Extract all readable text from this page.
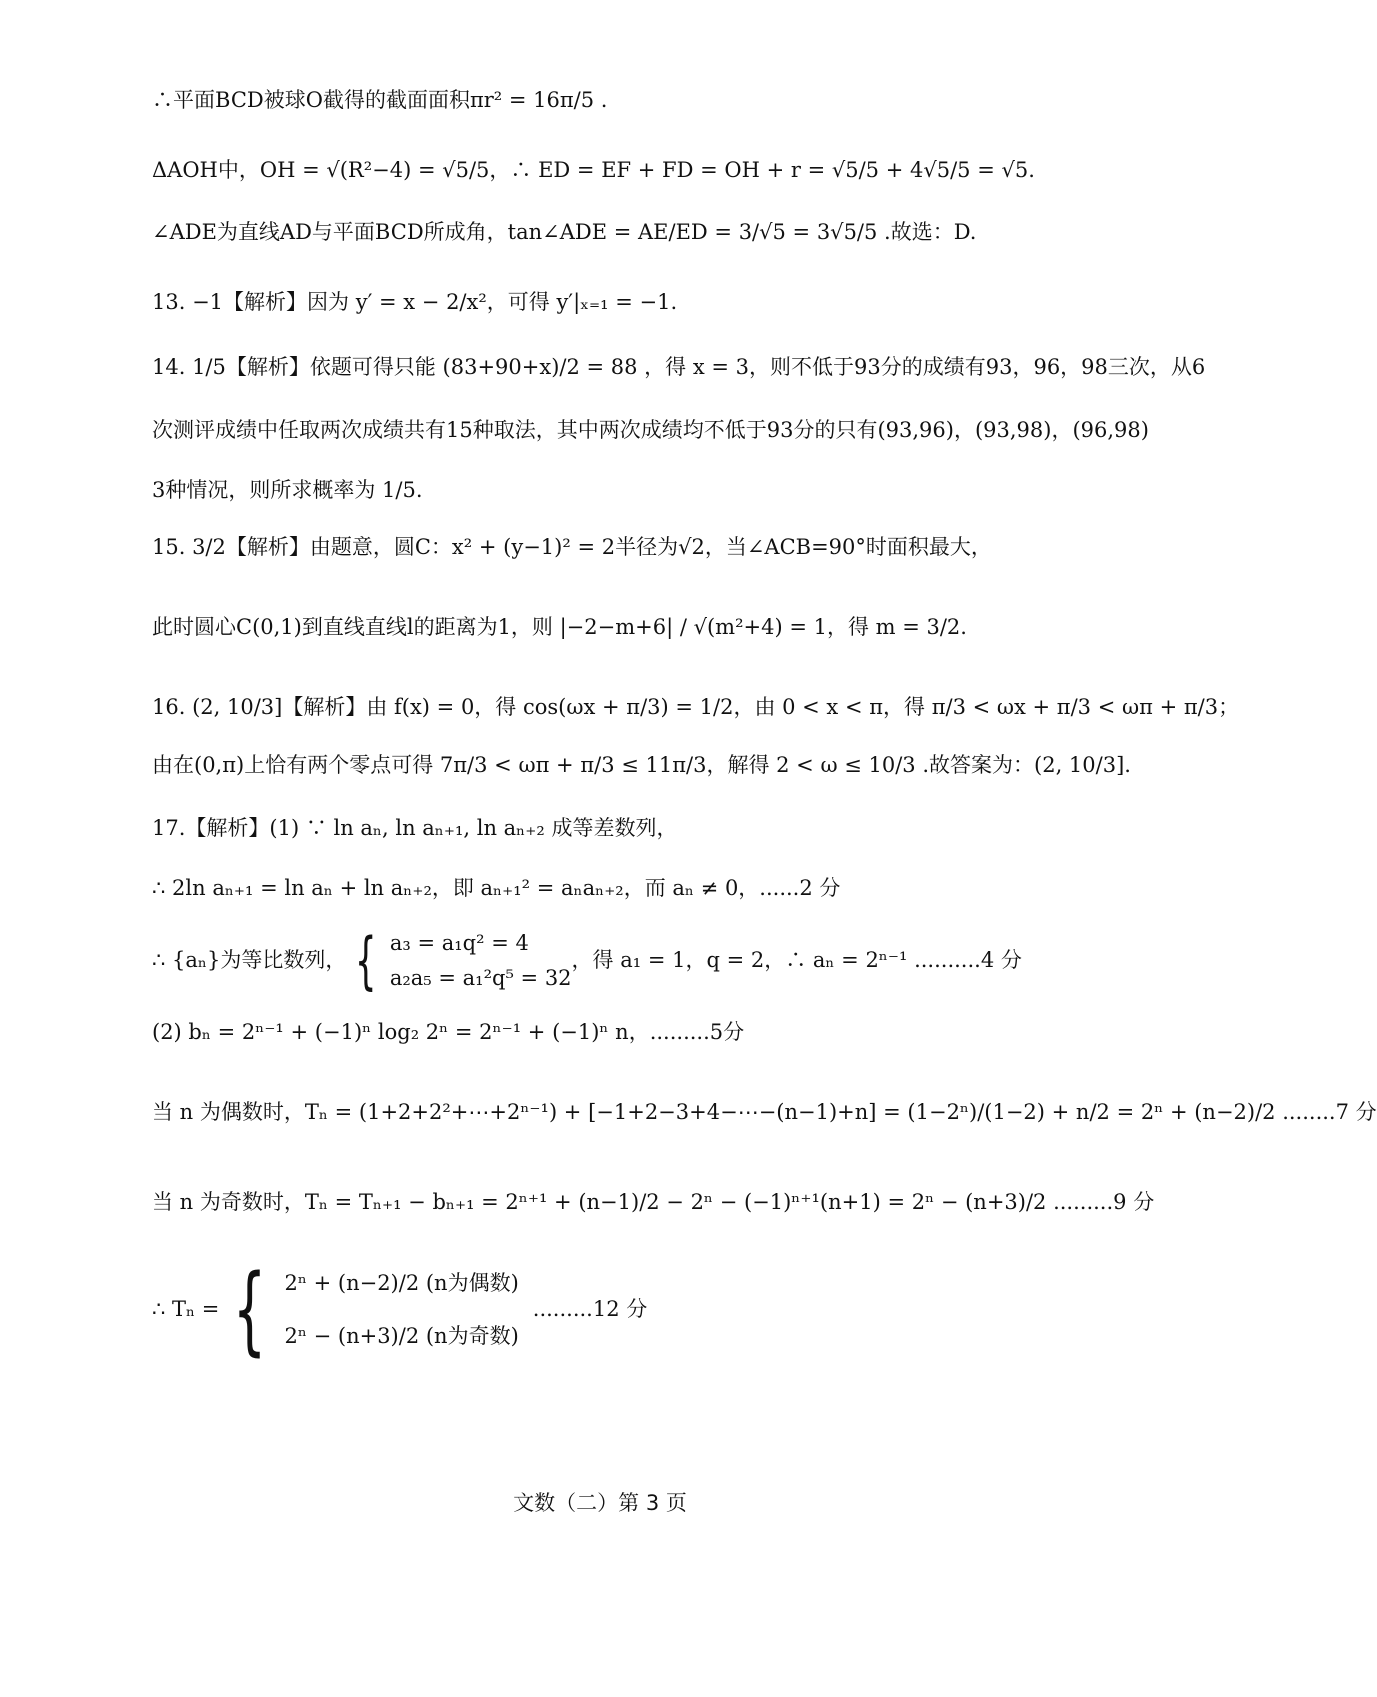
∴平面BCD被球O截得的截面面积πr² = 16π/5 .
ΔAOH中，OH = √(R²−4) = √5/5，∴ ED = EF + FD = OH + r = √5/5 + 4√5/5 = √5.
∠ADE为直线AD与平面BCD所成角，tan∠ADE = AE/ED = 3/√5 = 3√5/5 .故选：D.
13. −1【解析】因为 y′ = x − 2/x²，可得 y′|ₓ₌₁ = −1.
14. 1/5【解析】依题可得只能 (83+90+x)/2 = 88 ，得 x = 3，则不低于93分的成绩有93，96，98三次，从6
次测评成绩中任取两次成绩共有15种取法，其中两次成绩均不低于93分的只有(93,96)，(93,98)，(96,98)
3种情况，则所求概率为 1/5.
15. 3/2【解析】由题意，圆C：x² + (y−1)² = 2半径为√2，当∠ACB=90°时面积最大，
此时圆心C(0,1)到直线直线l的距离为1，则 |−2−m+6| / √(m²+4) = 1，得 m = 3/2.
16. (2, 10/3]【解析】由 f(x) = 0，得 cos(ωx + π/3) = 1/2，由 0 < x < π，得 π/3 < ωx + π/3 < ωπ + π/3；
由在(0,π)上恰有两个零点可得 7π/3 < ωπ + π/3 ≤ 11π/3，解得 2 < ω ≤ 10/3 .故答案为：(2, 10/3].
17.【解析】(1) ∵ ln aₙ, ln aₙ₊₁, ln aₙ₊₂ 成等差数列，
∴ 2ln aₙ₊₁ = ln aₙ + ln aₙ₊₂，即 aₙ₊₁² = aₙaₙ₊₂，而 aₙ ≠ 0，......2 分
∴ {aₙ}为等比数列， { a₃ = a₁q² = 4
a₂a₅ = a₁²q⁵ = 32
，得 a₁ = 1，q = 2，∴ aₙ = 2ⁿ⁻¹ ..........4 分
(2) bₙ = 2ⁿ⁻¹ + (−1)ⁿ log₂ 2ⁿ = 2ⁿ⁻¹ + (−1)ⁿ n，.........5分
当 n 为偶数时，Tₙ = (1+2+2²+⋯+2ⁿ⁻¹) + [−1+2−3+4−⋯−(n−1)+n] = (1−2ⁿ)/(1−2) + n/2 = 2ⁿ + (n−2)/2 ........7 分
当 n 为奇数时，Tₙ = Tₙ₊₁ − bₙ₊₁ = 2ⁿ⁺¹ + (n−1)/2 − 2ⁿ − (−1)ⁿ⁺¹(n+1) = 2ⁿ − (n+3)/2 .........9 分
∴ Tₙ = { 2ⁿ + (n−2)/2 (n为偶数)
2ⁿ − (n+3)/2 (n为奇数)
.........12 分
文数（二）第 3 页
